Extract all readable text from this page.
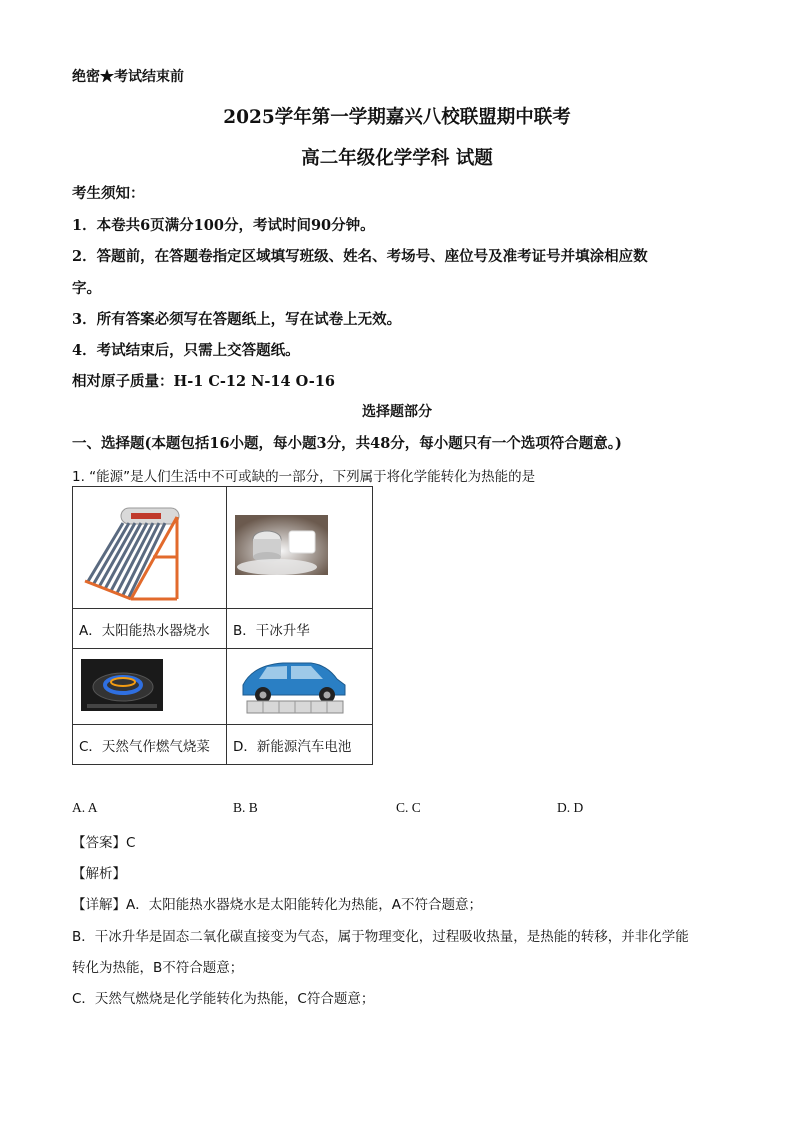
绝密★考试结束前
2025学年第一学期嘉兴八校联盟期中联考
高二年级化学学科 试题
考生须知：
1．本卷共6页满分100分，考试时间90分钟。
2．答题前，在答题卷指定区域填写班级、姓名、考场号、座位号及准考证号并填涂相应数
字。
3．所有答案必须写在答题纸上，写在试卷上无效。
4．考试结束后，只需上交答题纸。
相对原子质量：H-1 C-12 N-14 O-16
选择题部分
一、选择题(本题包括16小题，每小题3分，共48分，每小题只有一个选项符合题意。)
1. “能源”是人们生活中不可或缺的一部分，下列属于将化学能转化为热能的是

A．太阳能热水器烧水	B．干冰升华

C．天然气作燃气烧菜	D．新能源汽车电池
A. A	B. B	C. C	D. D
【答案】C
【解析】
【详解】A．太阳能热水器烧水是太阳能转化为热能，A不符合题意；
B．干冰升华是固态二氧化碳直接变为气态，属于物理变化，过程吸收热量，是热能的转移，并非化学能
转化为热能，B不符合题意；
C．天然气燃烧是化学能转化为热能，C符合题意；
